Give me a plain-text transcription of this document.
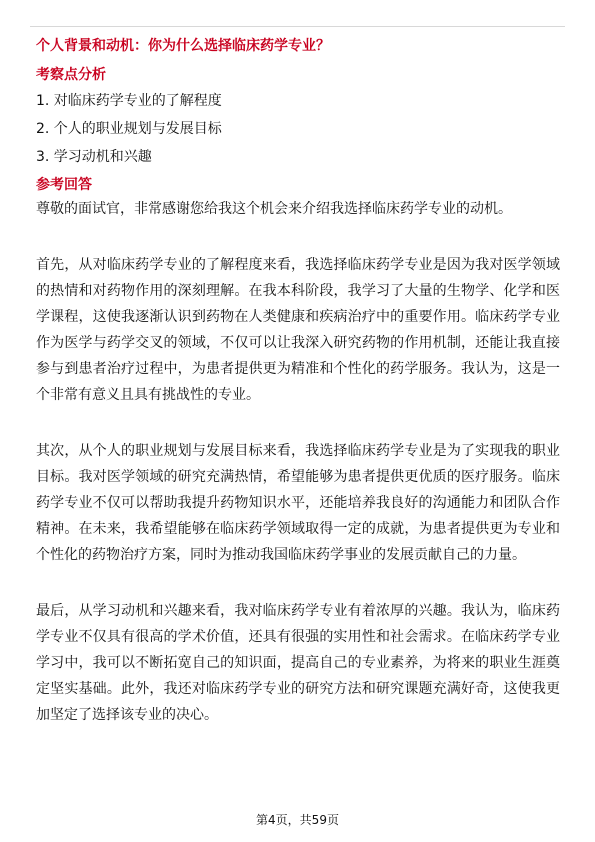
个人背景和动机：你为什么选择临床药学专业？
考察点分析
1. 对临床药学专业的了解程度
2. 个人的职业规划与发展目标
3. 学习动机和兴趣
参考回答

尊敬的面试官，非常感谢您给我这个机会来介绍我选择临床药学专业的动机。

首先，从对临床药学专业的了解程度来看，我选择临床药学专业是因为我对医学领域的热情和对药物作用的深刻理解。在我本科阶段，我学习了大量的生物学、化学和医学课程，这使我逐渐认识到药物在人类健康和疾病治疗中的重要作用。临床药学专业作为医学与药学交叉的领域，不仅可以让我深入研究药物的作用机制，还能让我直接参与到患者治疗过程中，为患者提供更为精准和个性化的药学服务。我认为，这是一个非常有意义且具有挑战性的专业。

其次，从个人的职业规划与发展目标来看，我选择临床药学专业是为了实现我的职业目标。我对医学领域的研究充满热情，希望能够为患者提供更优质的医疗服务。临床药学专业不仅可以帮助我提升药物知识水平，还能培养我良好的沟通能力和团队合作精神。在未来，我希望能够在临床药学领域取得一定的成就，为患者提供更为专业和个性化的药物治疗方案，同时为推动我国临床药学事业的发展贡献自己的力量。

最后，从学习动机和兴趣来看，我对临床药学专业有着浓厚的兴趣。我认为，临床药学专业不仅具有很高的学术价值，还具有很强的实用性和社会需求。在临床药学专业学习中，我可以不断拓宽自己的知识面，提高自己的专业素养，为将来的职业生涯奠定坚实基础。此外，我还对临床药学专业的研究方法和研究课题充满好奇，这使我更加坚定了选择该专业的决心。

第4页，共59页
